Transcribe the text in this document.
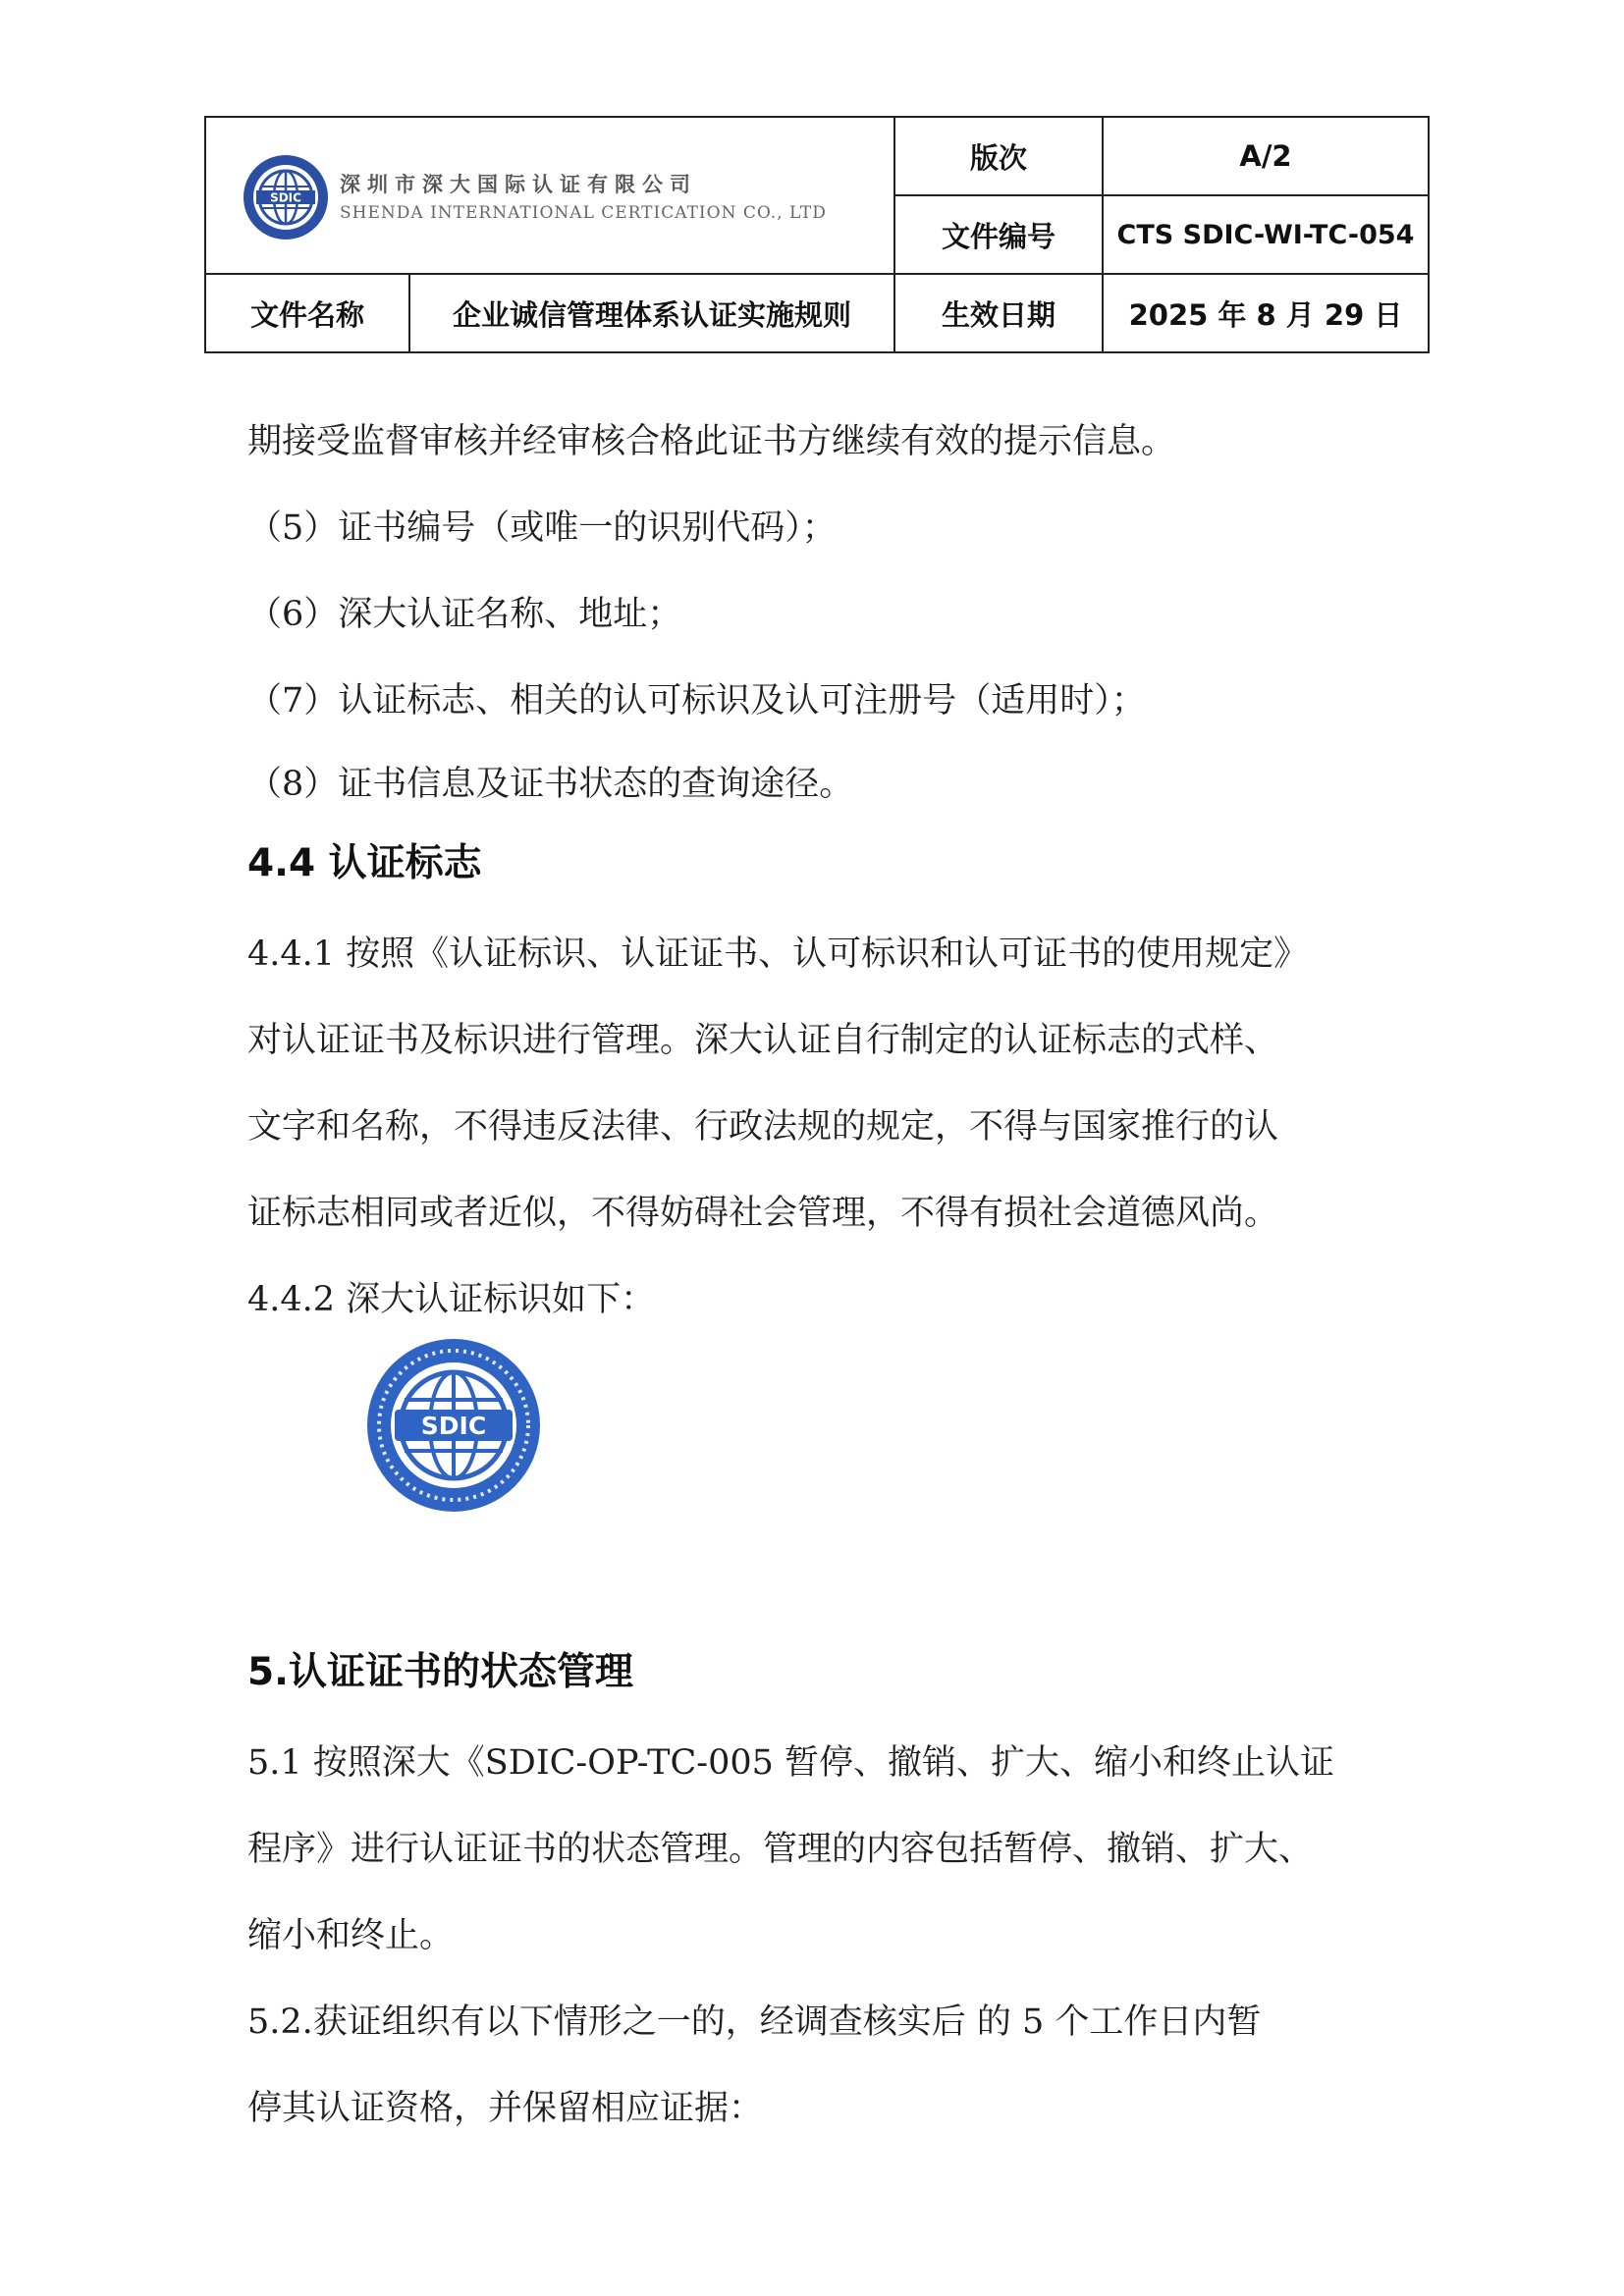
SDIC
深圳市深大国际认证有限公司
SHENDA INTERNATIONAL CERTICATION CO., LTD
版次	A/2
文件编号	CTS SDIC-WI-TC-054
文件名称	企业诚信管理体系认证实施规则	生效日期	2025 年 8 月 29 日

期接受监督审核并经审核合格此证书方继续有效的提示信息。

（5）证书编号（或唯一的识别代码）；

（6）深大认证名称、地址；

（7）认证标志、相关的认可标识及认可注册号（适用时）；

（8）证书信息及证书状态的查询途径。

4.4 认证标志

4.4.1 按照《认证标识、认证证书、认可标识和认可证书的使用规定》

对认证证书及标识进行管理。深大认证自行制定的认证标志的式样、

文字和名称，不得违反法律、行政法规的规定，不得与国家推行的认

证标志相同或者近似，不得妨碍社会管理，不得有损社会道德风尚。

4.4.2 深大认证标识如下：

5.认证证书的状态管理

5.1 按照深大《SDIC-OP-TC-005 暂停、撤销、扩大、缩小和终止认证

程序》进行认证证书的状态管理。管理的内容包括暂停、撤销、扩大、

缩小和终止。

5.2.获证组织有以下情形之一的，经调查核实后 的 5 个工作日内暂

停其认证资格，并保留相应证据：

SDIC
